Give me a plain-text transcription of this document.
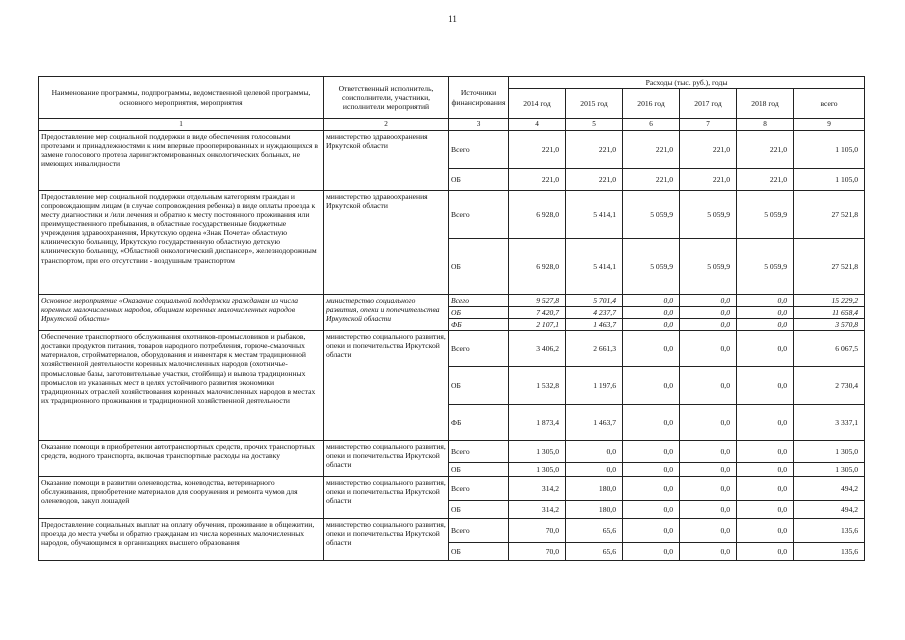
11
Наименование программы, подпрограммы, ведомственной целевой программы, основного мероприятия, мероприятия	Ответственный исполнитель, соисполнители, участники, исполнители мероприятий	Источники финансирования	Расходы (тыс. руб.), годы					
			2014 год	2015 год	2016 год	2017 год	2018 год	всего
1	2	3	4	5	6	7	8	9
Предоставление мер социальной поддержки в виде обеспечения голосовыми протезами и принадлежностями к ним впервые прооперированных и нуждающихся в замене голосового протеза ларингэктомированных онкологических больных, не имеющих инвалидности	министерство здравоохранения Иркутской области	Всего	221,0	221,0	221,0	221,0	221,0	1 105,0
		ОБ	221,0	221,0	221,0	221,0	221,0	1 105,0
Предоставление мер социальной поддержки отдельным категориям граждан и сопровождающим лицам (в случае сопровождения ребенка) в виде оплаты проезда к месту диагностики и /или лечения и обратно к месту постоянного проживания или преимущественного пребывания, в областные государственные бюджетные учреждения здравоохранения, Иркутскую ордена «Знак Почета» областную клиническую больницу, Иркутскую государственную областную детскую клиническую больницу, «Областной онкологический диспансер», железнодорожным транспортом, при его отсутствии - воздушным транспортом	министерство здравоохранения Иркутской области	Всего	6 928,0	5 414,1	5 059,9	5 059,9	5 059,9	27 521,8
		ОБ	6 928,0	5 414,1	5 059,9	5 059,9	5 059,9	27 521,8
Основное мероприятие «Оказание социальной поддержки гражданам из числа коренных малочисленных народов, общинам коренных малочисленных народов Иркутской области»	министерство социального развития, опеки и попечительства Иркутской области	Всего	9 527,8	5 701,4	0,0	0,0	0,0	15 229,2
		ОБ	7 420,7	4 237,7	0,0	0,0	0,0	11 658,4
		ФБ	2 107,1	1 463,7	0,0	0,0	0,0	3 570,8
Обеспечение транспортного обслуживания охотников-промысловиков и рыбаков, доставки продуктов питания, товаров народного потребления, горюче-смазочных материалов, стройматериалов, оборудования и инвентаря к местам традиционной хозяйственной деятельности коренных малочисленных народов (охотничье-промысловые базы, заготовительные участки, стойбища) и вывоза традиционных промыслов из указанных мест в целях устойчивого развития экономики традиционных отраслей хозяйствования коренных малочисленных народов в местах их традиционного проживания и традиционной хозяйственной деятельности	министерство социального развития, опеки и попечительства Иркутской области	Всего	3 406,2	2 661,3	0,0	0,0	0,0	6 067,5
		ОБ	1 532,8	1 197,6	0,0	0,0	0,0	2 730,4
		ФБ	1 873,4	1 463,7	0,0	0,0	0,0	3 337,1
Оказание помощи в приобретении автотранспортных средств, прочих транспортных средств, водного транспорта, включая транспортные расходы на доставку	министерство социального развития, опеки и попечительства Иркутской области	Всего	1 305,0	0,0	0,0	0,0	0,0	1 305,0
		ОБ	1 305,0	0,0	0,0	0,0	0,0	1 305,0
Оказание помощи в развитии оленеводства, коневодства, ветеринарного обслуживания, приобретение материалов для сооружения и ремонта чумов для оленеводов, закуп лошадей	министерство социального развития, опеки и попечительства Иркутской области	Всего	314,2	180,0	0,0	0,0	0,0	494,2
		ОБ	314,2	180,0	0,0	0,0	0,0	494,2
Предоставление социальных выплат на оплату обучения, проживание в общежитии, проезда до места учебы и обратно гражданам из числа коренных малочисленных народов, обучающимся в организациях высшего образования	министерство социального развития, опеки и попечительства Иркутской области	Всего	70,0	65,6	0,0	0,0	0,0	135,6
		ОБ	70,0	65,6	0,0	0,0	0,0	135,6
